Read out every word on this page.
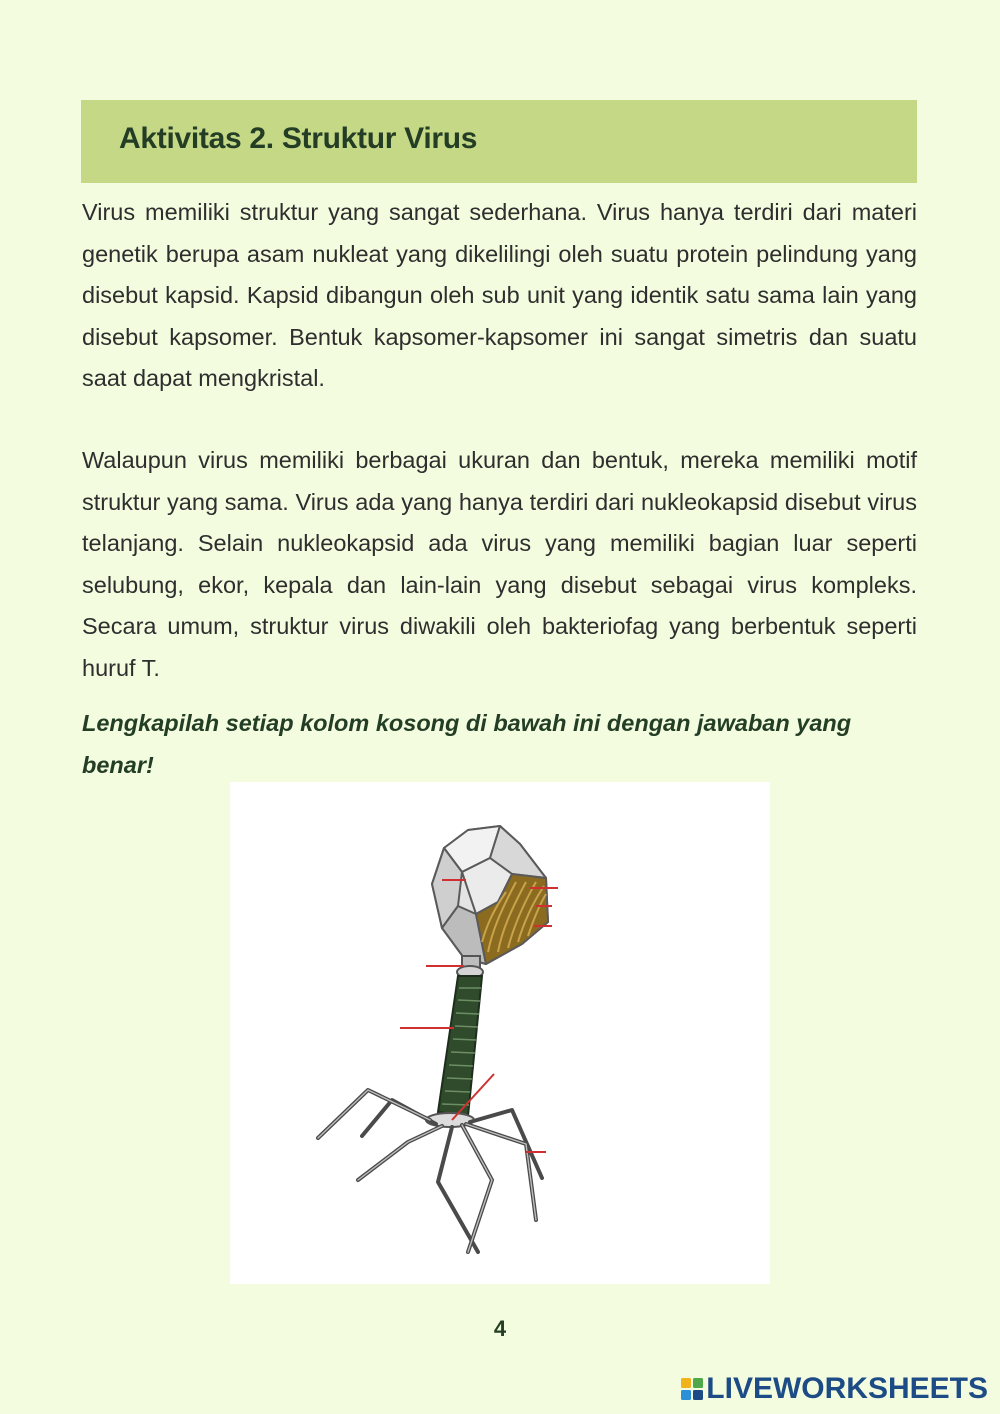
Aktivitas 2. Struktur Virus

Virus memiliki struktur yang sangat sederhana. Virus hanya terdiri dari materi genetik berupa asam nukleat yang dikelilingi oleh suatu protein pelindung yang disebut kapsid. Kapsid dibangun oleh sub unit yang identik satu sama lain yang disebut kapsomer. Bentuk kapsomer-kapsomer ini sangat simetris dan suatu saat dapat mengkristal.

Walaupun virus memiliki berbagai ukuran dan bentuk, mereka memiliki motif struktur yang sama. Virus ada yang hanya terdiri dari nukleokapsid disebut virus telanjang. Selain nukleokapsid ada virus yang memiliki bagian luar seperti selubung, ekor, kepala dan lain-lain yang disebut sebagai virus kompleks. Secara umum, struktur virus diwakili oleh bakteriofag yang berbentuk seperti huruf T.

Lengkapilah setiap kolom kosong di bawah ini dengan jawaban yang benar!

4
LIVEWORKSHEETS
